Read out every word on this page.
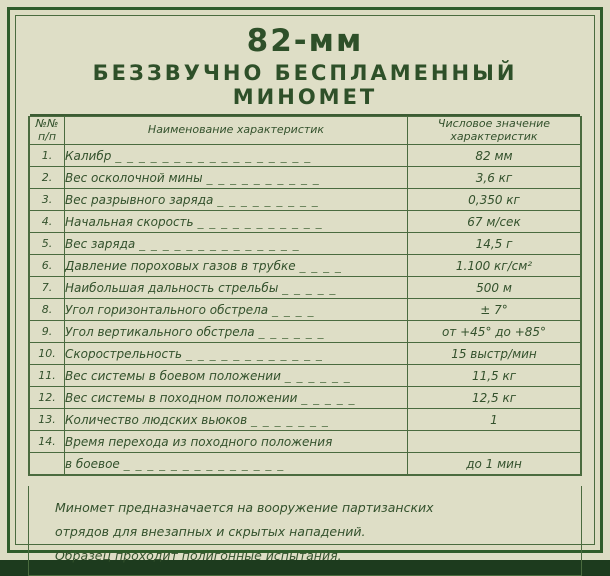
82-мм
БЕЗЗВУЧНО БЕСПЛАМЕННЫЙ МИНОМЕТ
№№ п/п	Наименование характеристик	Числовое значение характеристик
1.	Калибр _ _ _ _ _ _ _ _ _ _ _ _ _ _ _ _ _	82 мм
2.	Вес осколочной мины _ _ _ _ _ _ _ _ _ _	3,6 кг
3.	Вес разрывного заряда _ _ _ _ _ _ _ _ _	0,350 кг
4.	Начальная скорость _ _ _ _ _ _ _ _ _ _ _	67 м/сек
5.	Вес заряда _ _ _ _ _ _ _ _ _ _ _ _ _ _	14,5 г
6.	Давление пороховых газов в трубке _ _ _ _	1.100 кг/см²
7.	Наибольшая дальность стрельбы _ _ _ _ _	500 м
8.	Угол горизонтального обстрела _ _ _ _	± 7°
9.	Угол вертикального обстрела _ _ _ _ _ _	от +45° до +85°
10.	Скорострельность _ _ _ _ _ _ _ _ _ _ _ _	15 выстр/мин
11.	Вес системы в боевом положении _ _ _ _ _ _	11,5 кг
12.	Вес системы в походном положении _ _ _ _ _	12,5 кг
13.	Количество людских вьюков _ _ _ _ _ _ _	1
14.	Время перехода из походного положения	
	в боевое _ _ _ _ _ _ _ _ _ _ _ _ _ _	до 1 мин
Миномет предназначается на вооружение партизанских
отрядов для внезапных и скрытых нападений.
Образец проходит полигонные испытания.
